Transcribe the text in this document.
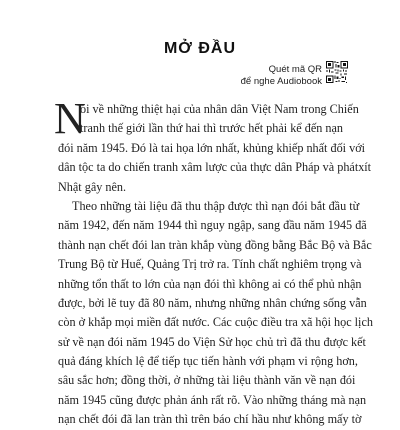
MỞ ĐẦU
Quét mã QR
để nghe Audiobook
N
ói về những thiệt hại của nhân dân Việt Nam trong Chiến
tranh thế giới lần thứ hai thì trước hết phải kể đến nạn
đói năm 1945. Đó là tai họa lớn nhất, khủng khiếp nhất đối với
dân tộc ta do chiến tranh xâm lược của thực dân Pháp và phátxít
Nhật gây nên.
Theo những tài liệu đã thu thập được thì nạn đói bắt đầu từ
năm 1942, đến năm 1944 thì nguy ngập, sang đầu năm 1945 đã
thành nạn chết đói lan tràn khắp vùng đồng bằng Bắc Bộ và Bắc
Trung Bộ từ Huế, Quảng Trị trở ra. Tính chất nghiêm trọng và
những tổn thất to lớn của nạn đói thì không ai có thể phủ nhận
được, bởi lẽ tuy đã 80 năm, nhưng những nhân chứng sống vẫn
còn ở khắp mọi miền đất nước. Các cuộc điều tra xã hội học lịch
sử về nạn đói năm 1945 do Viện Sử học chủ trì đã thu được kết
quả đáng khích lệ để tiếp tục tiến hành với phạm vi rộng hơn,
sâu sắc hơn; đồng thời, ở những tài liệu thành văn về nạn đói
năm 1945 cũng được phản ánh rất rõ. Vào những tháng mà nạn
nạn chết đói đã lan tràn thì trên báo chí hầu như không mấy tờ
